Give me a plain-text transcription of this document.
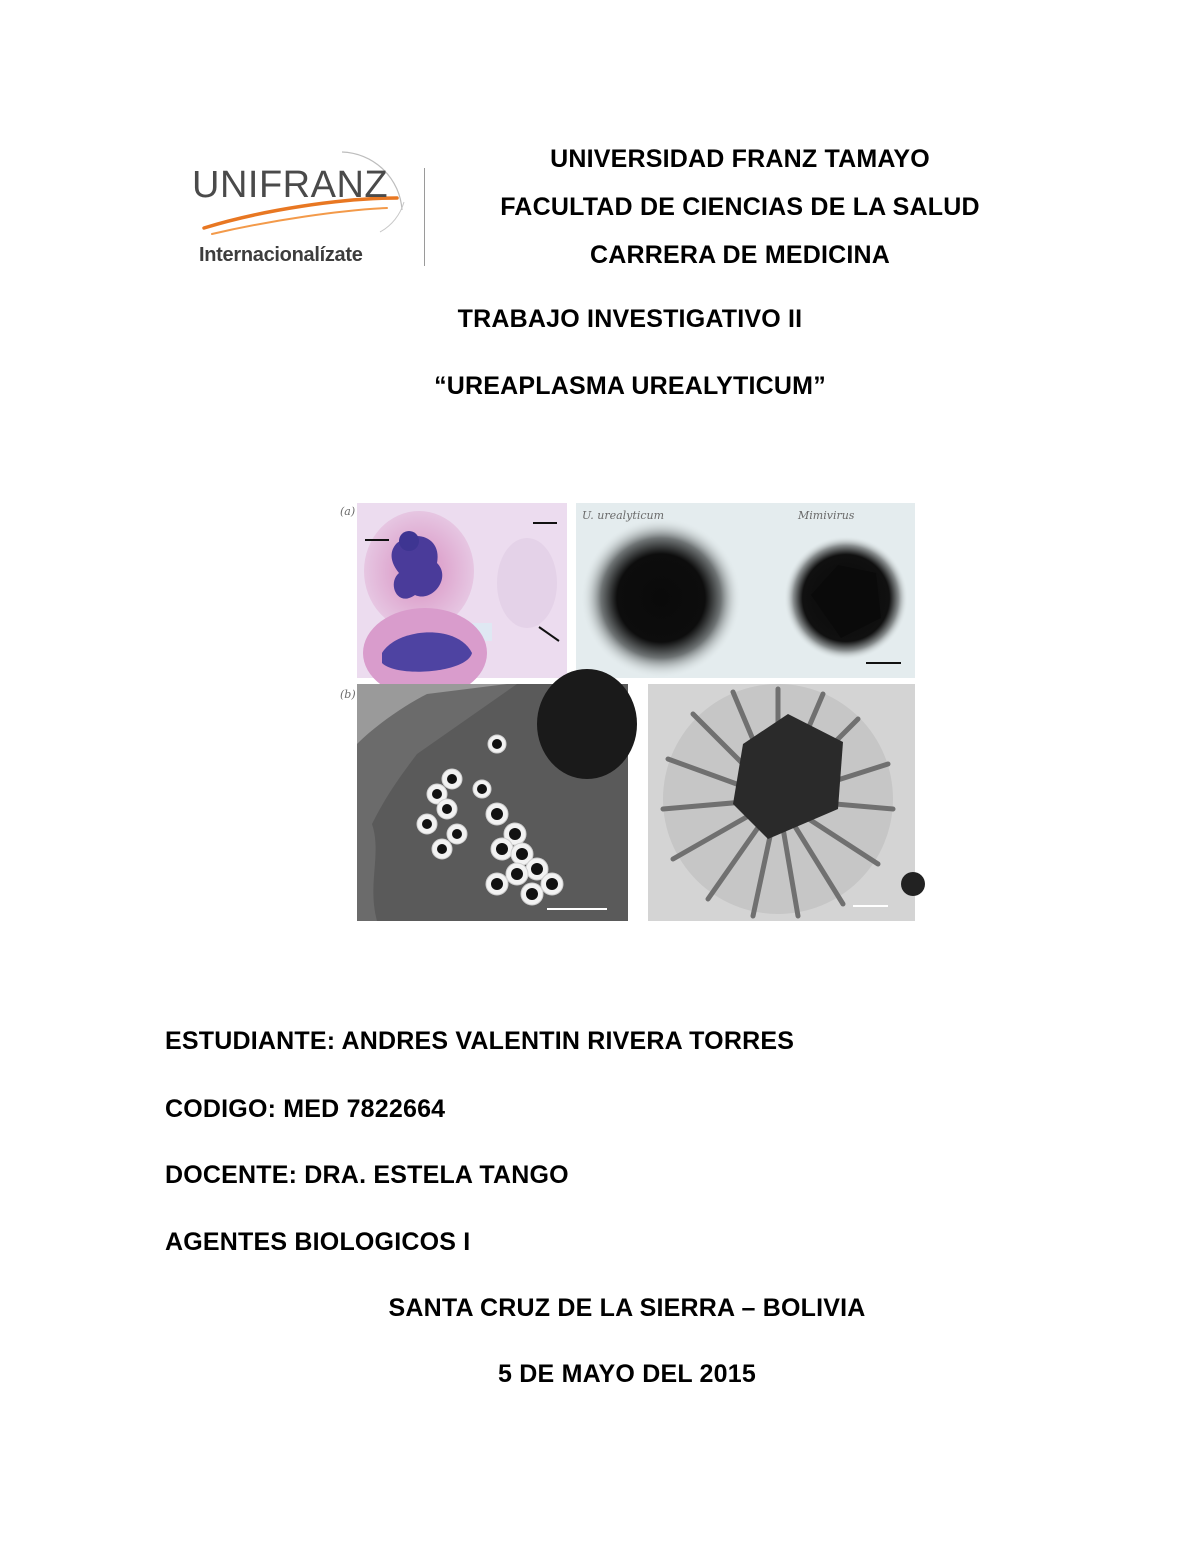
UNIFRANZ
Internacionalízate
UNIVERSIDAD FRANZ TAMAYO
FACULTAD DE CIENCIAS DE LA SALUD
CARRERA DE MEDICINA
TRABAJO INVESTIGATIVO II
“UREAPLASMA UREALYTICUM”
(a)	U. urealyticum	Mimivirus
(b)
ESTUDIANTE: ANDRES VALENTIN RIVERA TORRES
CODIGO: MED 7822664
DOCENTE: DRA. ESTELA TANGO
AGENTES BIOLOGICOS I
SANTA CRUZ DE LA SIERRA – BOLIVIA
5 DE MAYO DEL 2015
